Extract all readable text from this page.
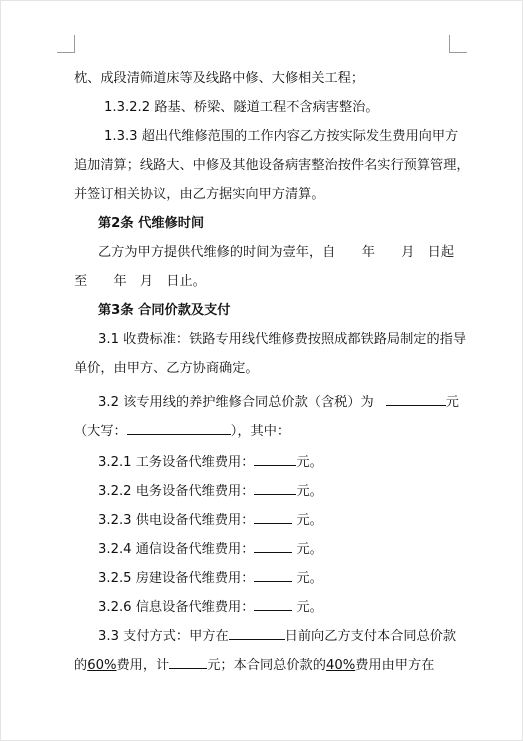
枕、成段清筛道床等及线路中修、大修相关工程；
1.3.2.2 路基、桥梁、隧道工程不含病害整治。
1.3.3 超出代维修范围的工作内容乙方按实际发生费用向甲方
追加清算；线路大、中修及其他设备病害整治按件名实行预算管理，
并签订相关协议，由乙方据实向甲方清算。
第2条 代维修时间
乙方为甲方提供代维修的时间为壹年，自　　年　　月　日起
至　　年　月　日止。
第3条 合同价款及支付
3.1 收费标准：铁路专用线代维修费按照成都铁路局制定的指导
单价，由甲方、乙方协商确定。
3.2 该专用线的养护维修合同总价款（含税）为	元
（大写：	），其中：
3.2.1 工务设备代维费用：	元。
3.2.2 电务设备代维费用：	元。
3.2.3 供电设备代维费用：	元。
3.2.4 通信设备代维费用：	元。
3.2.5 房建设备代维费用：	元。
3.2.6 信息设备代维费用：	元。
3.3 支付方式：甲方在	日前向乙方支付本合同总价款
的60%费用，计	元；本合同总价款的40%费用由甲方在
